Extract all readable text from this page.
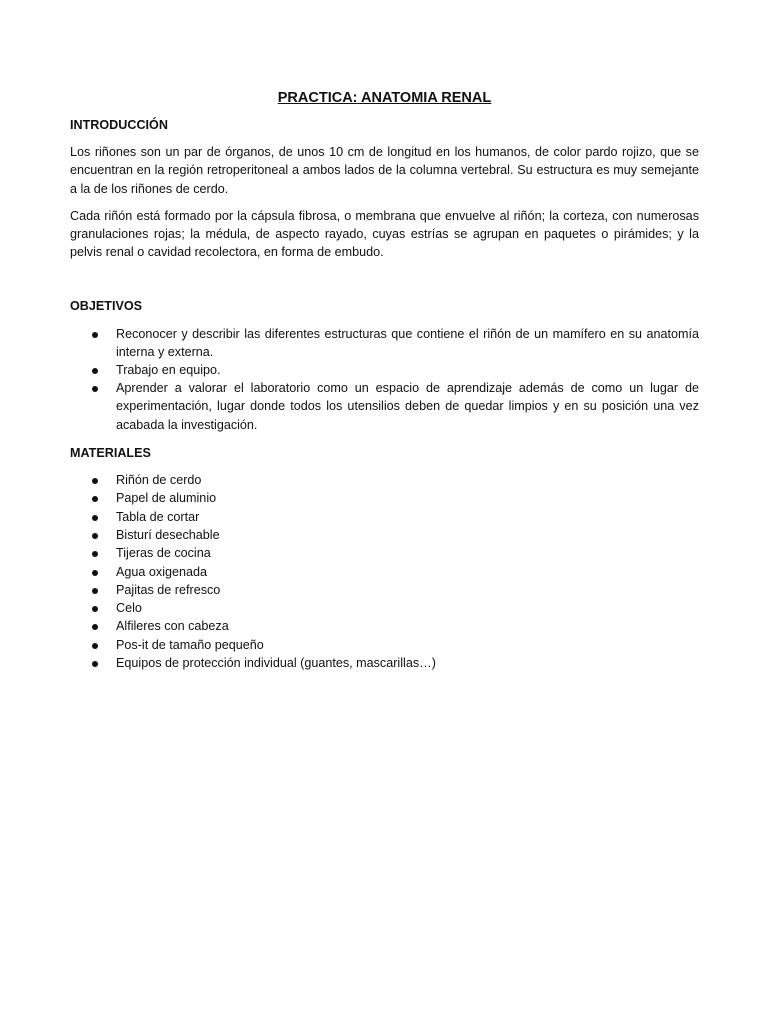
PRACTICA: ANATOMIA RENAL
INTRODUCCIÓN

Los riñones son un par de órganos, de unos 10 cm de longitud en los humanos, de color pardo rojizo, que se encuentran en la región retroperitoneal a ambos lados de la columna vertebral. Su estructura es muy semejante a la de los riñones de cerdo.

Cada riñón está formado por la cápsula fibrosa, o membrana que envuelve al riñón; la corteza, con numerosas granulaciones rojas; la médula, de aspecto rayado, cuyas estrías se agrupan en paquetes o pirámides; y la pelvis renal o cavidad recolectora, en forma de embudo.

OBJETIVOS
Reconocer y describir las diferentes estructuras que contiene el riñón de un mamífero en su anatomía interna y externa.
Trabajo en equipo.
Aprender a valorar el laboratorio como un espacio de aprendizaje además de como un lugar de experimentación, lugar donde todos los utensilios deben de quedar limpios y en su posición una vez acabada la investigación.
MATERIALES
Riñón de cerdo
Papel de aluminio
Tabla de cortar
Bisturí desechable
Tijeras de cocina
Agua oxigenada
Pajitas de refresco
Celo
Alfileres con cabeza
Pos-it de tamaño pequeño
Equipos de protección individual (guantes, mascarillas…)
